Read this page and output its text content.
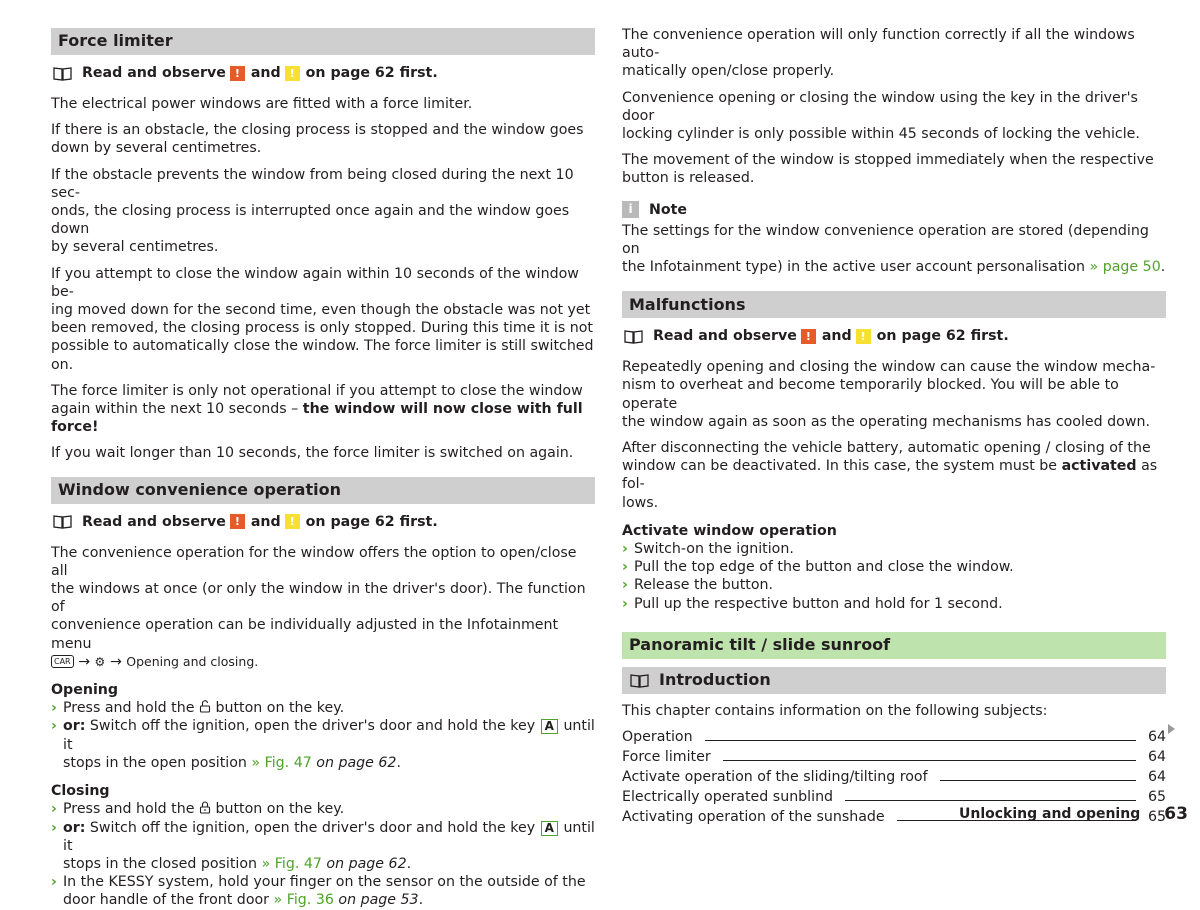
Force limiter
Read and observe ! and ! on page 62 first.

The electrical power windows are fitted with a force limiter.

If there is an obstacle, the closing process is stopped and the window goes
down by several centimetres.

If the obstacle prevents the window from being closed during the next 10 sec-
onds, the closing process is interrupted once again and the window goes down
by several centimetres.

If you attempt to close the window again within 10 seconds of the window be-
ing moved down for the second time, even though the obstacle was not yet
been removed, the closing process is only stopped. During this time it is not
possible to automatically close the window. The force limiter is still switched
on.

The force limiter is only not operational if you attempt to close the window
again within the next 10 seconds – the window will now close with full force!

If you wait longer than 10 seconds, the force limiter is switched on again.

Window convenience operation
Read and observe ! and ! on page 62 first.

The convenience operation for the window offers the option to open/close all
the windows at once (or only the window in the driver's door). The function of
convenience operation can be individually adjusted in the Infotainment menu
CAR → ⚙ → Opening and closing.

Opening

› Press and hold the button on the key.
› or: Switch off the ignition, open the driver's door and hold the key A until it
stops in the open position » Fig. 47 on page 62.

Closing

› Press and hold the button on the key.
› or: Switch off the ignition, open the driver's door and hold the key A until it
stops in the closed position » Fig. 47 on page 62.
› In the KESSY system, hold your finger on the sensor on the outside of the
door handle of the front door » Fig. 36 on page 53.

The convenience operation will only function correctly if all the windows auto-
matically open/close properly.

Convenience opening or closing the window using the key in the driver's door
locking cylinder is only possible within 45 seconds of locking the vehicle.

The movement of the window is stopped immediately when the respective
button is released.

i	Note

The settings for the window convenience operation are stored (depending on
the Infotainment type) in the active user account personalisation » page 50.

Malfunctions
Read and observe ! and ! on page 62 first.

Repeatedly opening and closing the window can cause the window mecha-
nism to overheat and become temporarily blocked. You will be able to operate
the window again as soon as the operating mechanisms has cooled down.

After disconnecting the vehicle battery, automatic opening / closing of the
window can be deactivated. In this case, the system must be activated as fol-
lows.

Activate window operation

› Switch-on the ignition.
› Pull the top edge of the button and close the window.
› Release the button.
› Pull up the respective button and hold for 1 second.
Panoramic tilt / slide sunroof
Introduction

This chapter contains information on the following subjects:

Operation	64
Force limiter	64
Activate operation of the sliding/tilting roof	64
Electrically operated sunblind	65
Activating operation of the sunshade	65
Unlocking and opening 63
